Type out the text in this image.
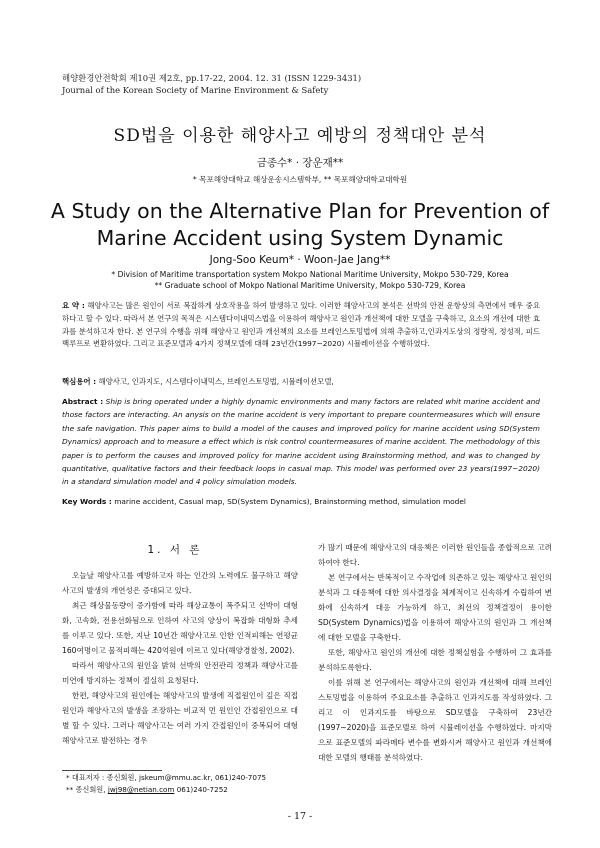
해양환경안전학회 제10권 제2호, pp.17-22, 2004. 12. 31 (ISSN 1229-3431)
Journal of the Korean Society of Marine Environment & Safety
SD법을 이용한 해양사고 예방의 정책대안 분석
금종수* · 장운재**
* 목포해양대학교 해상운송시스템학부, ** 목포해양대학교대학원
A Study on the Alternative Plan for Prevention of Marine Accident using System Dynamic
Jong-Soo Keum* · Woon-Jae Jang**
* Division of Maritime transportation system Mokpo National Maritime University, Mokpo 530-729, Korea
** Graduate school of Mokpo National Maritime University, Mokpo 530-729, Korea
요 약 : 해양사고는 많은 원인이 서로 복잡하게 상호작용을 하여 발생하고 있다. 이러한 해양사고의 분석은 선박의 안전 운항상의 측면에서 매우 중요하다고 할 수 있다. 따라서 본 연구의 목적은 시스템다이내믹스법을 이용하여 해양사고 원인과 개선책에 대한 모델을 구축하고, 요소의 개선에 대한 효과를 분석하고자 한다. 본 연구의 수행을 위해 해양사고 원인과 개선책의 요소를 브레인스토밍법에 의해 추출하고,인과지도상의 정량적, 정성적, 피드백루프로 변환하였다. 그리고 표준모델과 4가지 정책모델에 대해 23년간(1997~2020) 시뮬레이션을 수행하였다.
핵심용어 : 해양사고, 인과지도, 시스템다이내믹스, 브레인스토밍법, 시뮬레이션모델,
Abstract : Ship is bring operated under a highly dynamic environments and many factors are related whit marine accident and those factors are interacting. An anysis on the marine accident is very important to prepare countermeasures which will ensure the safe navigation. This paper aims to build a model of the causes and improved policy for marine accident using SD(System Dynamics) approach and to measure a effect which is risk control countermeasures of marine accident. The methodology of this paper is to perform the causes and improved policy for marine accident using Brainstorming method, and was to changed by quantitative, qualitative factors and their feedback loops in casual map. This model was performed over 23 years(1997~2020) in a standard simulation model and 4 policy simulation models.
Key Words : marine accident, Casual map, SD(System Dynamics), Brainstorming method, simulation model
1. 서 론

오늘날 해양사고를 예방하고자 하는 인간의 노력에도 불구하고 해양사고의 발생의 개연성은 증대되고 있다.

최근 해상물동량이 증가함에 따라 해상교통이 폭주되고 선박이 대형화, 고속화, 전용선화됨으로 인하여 사고의 양상이 복잡화 대형화 추세를 이루고 있다. 또한, 지난 10년간 해양사고로 인한 인적피해는 연평균 160여명이고 물적피해는 420억원에 이르고 있다(해양경찰청, 2002).

따라서 해양사고의 원인을 밝혀 선박의 안전관리 정책과 해양사고를 미연에 방지하는 정책이 절실히 요청된다.

한편, 해양사고의 원인에는 해양사고의 발생에 직접원인이 깊은 직접원인과 해양사고의 발생을 조장하는 비교적 먼 원인인 간접원인으로 대별 할 수 있다. 그러나 해양사고는 여러 가지 간접원인이 중복되어 대형해양사고로 발전하는 경우

가 많기 때문에 해양사고의 대응책은 이러한 원인들을 종합적으로 고려하여야 한다.

본 연구에서는 반복적이고 수작업에 의존하고 있는 해양사고 원인의 분석과 그 대응책에 대한 의사결정을 체계적이고 신속하게 수립하여 변화에 신속하게 대응 가능하게 하고, 최선의 정책결정이 용이한 SD(System Dynamics)법을 이용하여 해양사고의 원인과 그 개선책에 대한 모델을 구축한다.

또한, 해양사고 원인의 개선에 대한 정책실험을 수행하여 그 효과를 분석하도록한다.

이를 위해 본 연구에서는 해양사고의 원인과 개선책에 대해 브레인스토밍법을 이용하여 주요요소를 추출하고 인과지도를 작성하였다. 그리고 이 인과지도를 바탕으로 SD모델을 구축하여 23년간(1997~2020)을 표준모델로 하여 시뮬레이션을 수행하였다. 마지막으로 표준모델의 파라메타 변수를 변화시켜 해양사고 원인과 개선책에 대한 모델의 행태를 분석하였다.

* 대표저자 : 종신회원, jskeum@mmu.ac.kr, 061)240-7075
** 종신회원, jwj98@netian.com 061)240-7252
- 17 -
